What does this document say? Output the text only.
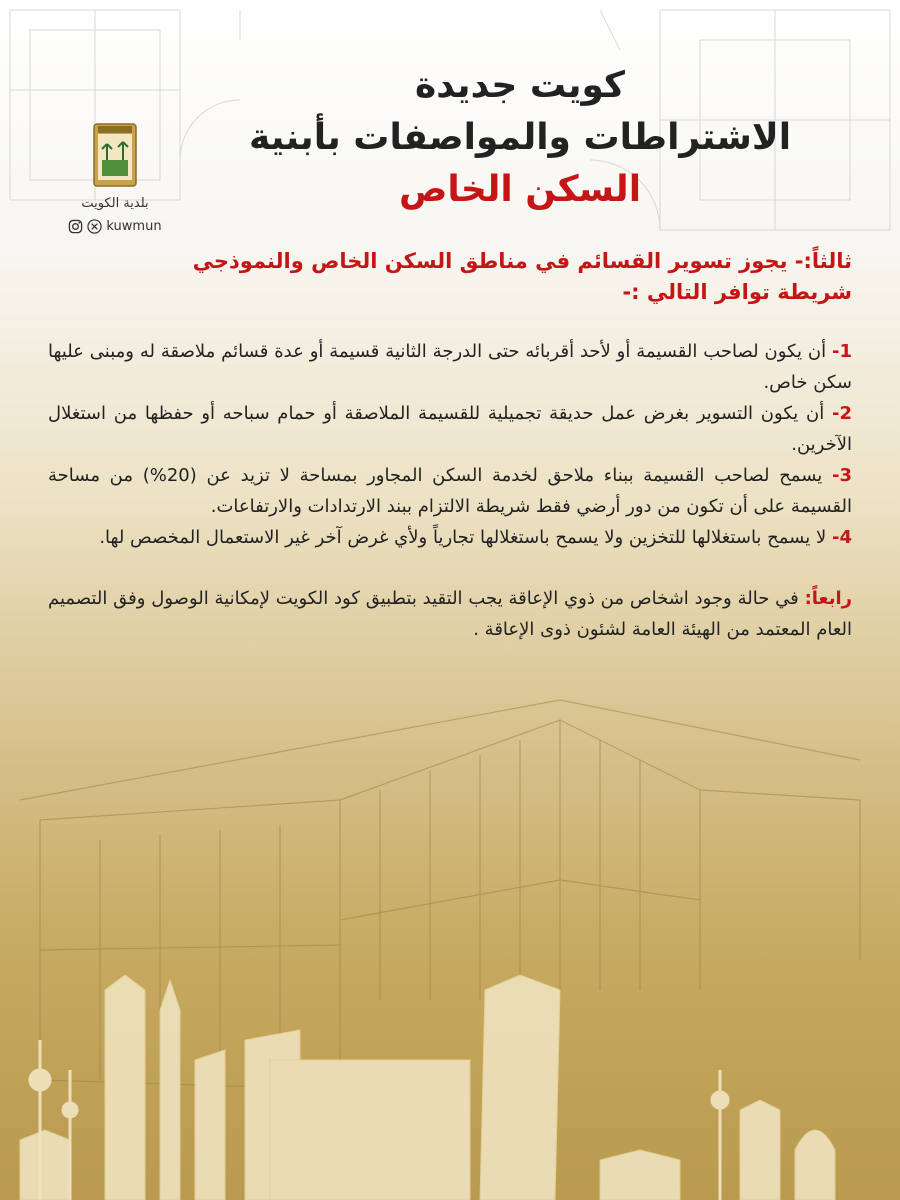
بلدية الكويت
kuwmun
كويت جديدة
الاشتراطات والمواصفات بأبنية
السكن الخاص

ثالثاً:- يجوز تسوير القسائم في مناطق السكن الخاص والنموذجي
شريطة توافر التالي :-

1- أن يكون لصاحب القسيمة أو لأحد أقربائه حتى الدرجة الثانية قسيمة أو عدة قسائم ملاصقة له ومبنى عليها سكن خاص.

2- أن يكون التسوير بغرض عمل حديقة تجميلية للقسيمة الملاصقة أو حمام سباحه أو حفظها من استغلال الآخرين.

3- يسمح لصاحب القسيمة ببناء ملاحق لخدمة السكن المجاور بمساحة لا تزيد عن (20%) من مساحة القسيمة على أن تكون من دور أرضي فقط شريطة الالتزام ببند الارتدادات والارتفاعات.

4- لا يسمح باستغلالها للتخزين ولا يسمح باستغلالها تجارياً ولأي غرض آخر غير الاستعمال المخصص لها.

رابعاً: في حالة وجود اشخاص من ذوي الإعاقة يجب التقيد بتطبيق كود الكويت لإمكانية الوصول وفق التصميم العام المعتمد من الهيئة العامة لشئون ذوى الإعاقة .
